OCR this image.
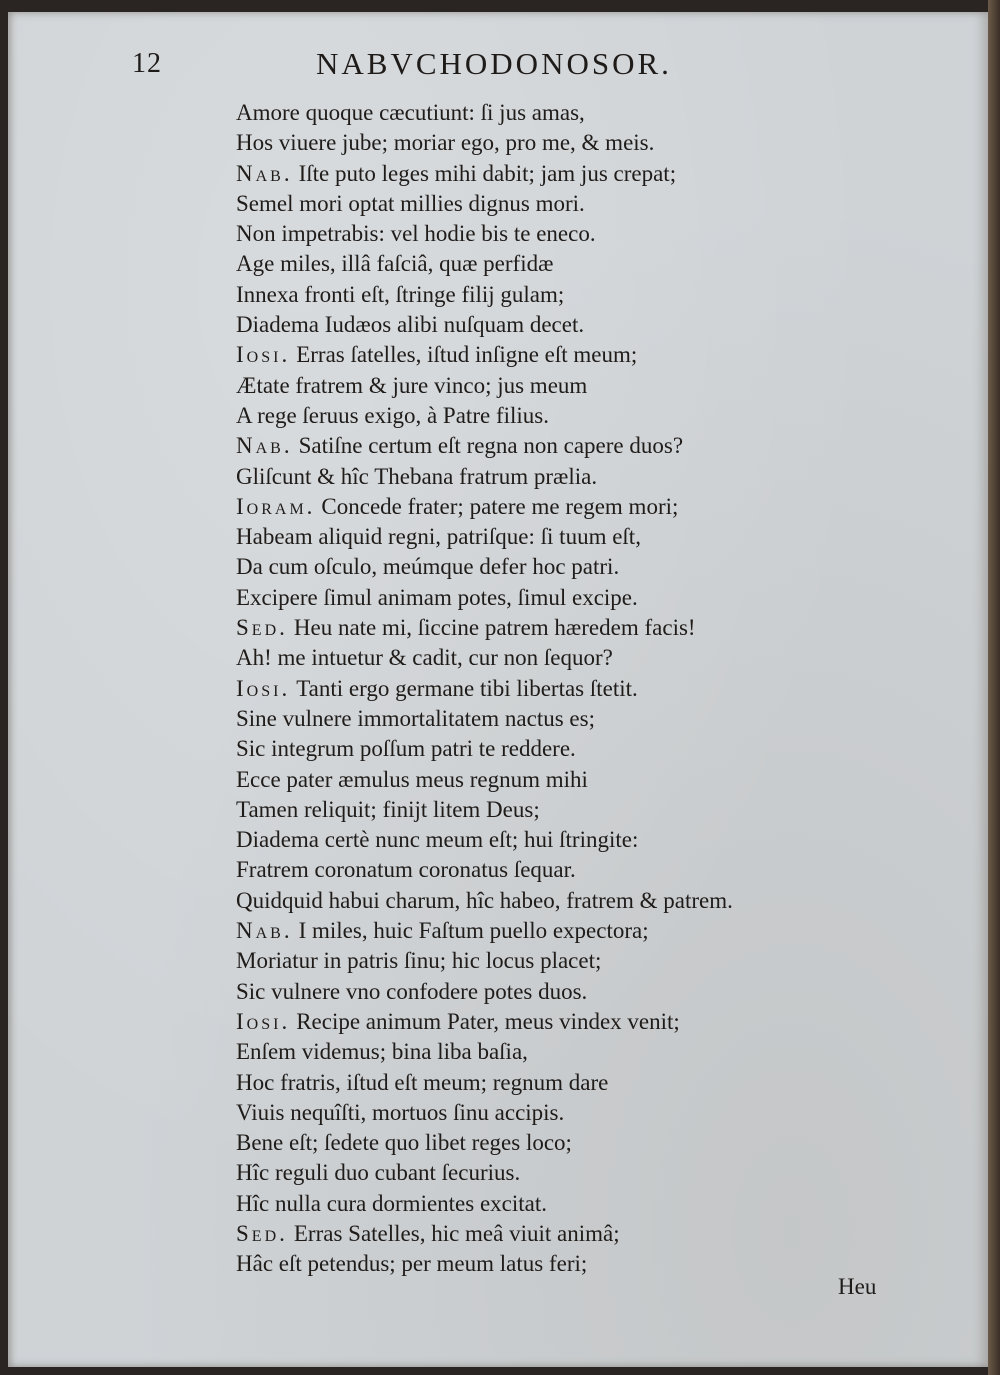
12	NABVCHODONOSOR.
Amore quoque cæcutiunt: ſi jus amas,
Hos viuere jube; moriar ego, pro me, & meis.
Nab. Iſte puto leges mihi dabit; jam jus crepat;
Semel mori optat millies dignus mori.
Non impetrabis: vel hodie bis te eneco.
Age miles, illâ faſciâ, quæ perfidæ
Innexa fronti eſt, ſtringe filij gulam;
Diadema Iudæos alibi nuſquam decet.
Iosi. Erras ſatelles, iſtud inſigne eſt meum;
Ætate fratrem & jure vinco; jus meum
A rege ſeruus exigo, à Patre filius.
Nab. Satiſne certum eſt regna non capere duos?
Gliſcunt & hîc Thebana fratrum prælia.
Ioram. Concede frater; patere me regem mori;
Habeam aliquid regni, patriſque: ſi tuum eſt,
Da cum oſculo, meúmque defer hoc patri.
Excipere ſimul animam potes, ſimul excipe.
Sed. Heu nate mi, ſiccine patrem hæredem facis!
Ah! me intuetur & cadit, cur non ſequor?
Iosi. Tanti ergo germane tibi libertas ſtetit.
Sine vulnere immortalitatem nactus es;
Sic integrum poſſum patri te reddere.
Ecce pater æmulus meus regnum mihi
Tamen reliquit; finijt litem Deus;
Diadema certè nunc meum eſt; hui ſtringite:
Fratrem coronatum coronatus ſequar.
Quidquid habui charum, hîc habeo, fratrem & patrem.
Nab. I miles, huic Faſtum puello expectora;
Moriatur in patris ſinu; hic locus placet;
Sic vulnere vno confodere potes duos.
Iosi. Recipe animum Pater, meus vindex venit;
Enſem videmus; bina liba baſia,
Hoc fratris, iſtud eſt meum; regnum dare
Viuis nequîſti, mortuos ſinu accipis.
Bene eſt; ſedete quo libet reges loco;
Hîc reguli duo cubant ſecurius.
Hîc nulla cura dormientes excitat.
Sed. Erras Satelles, hic meâ viuit animâ;
Hâc eſt petendus; per meum latus feri;
Heu
